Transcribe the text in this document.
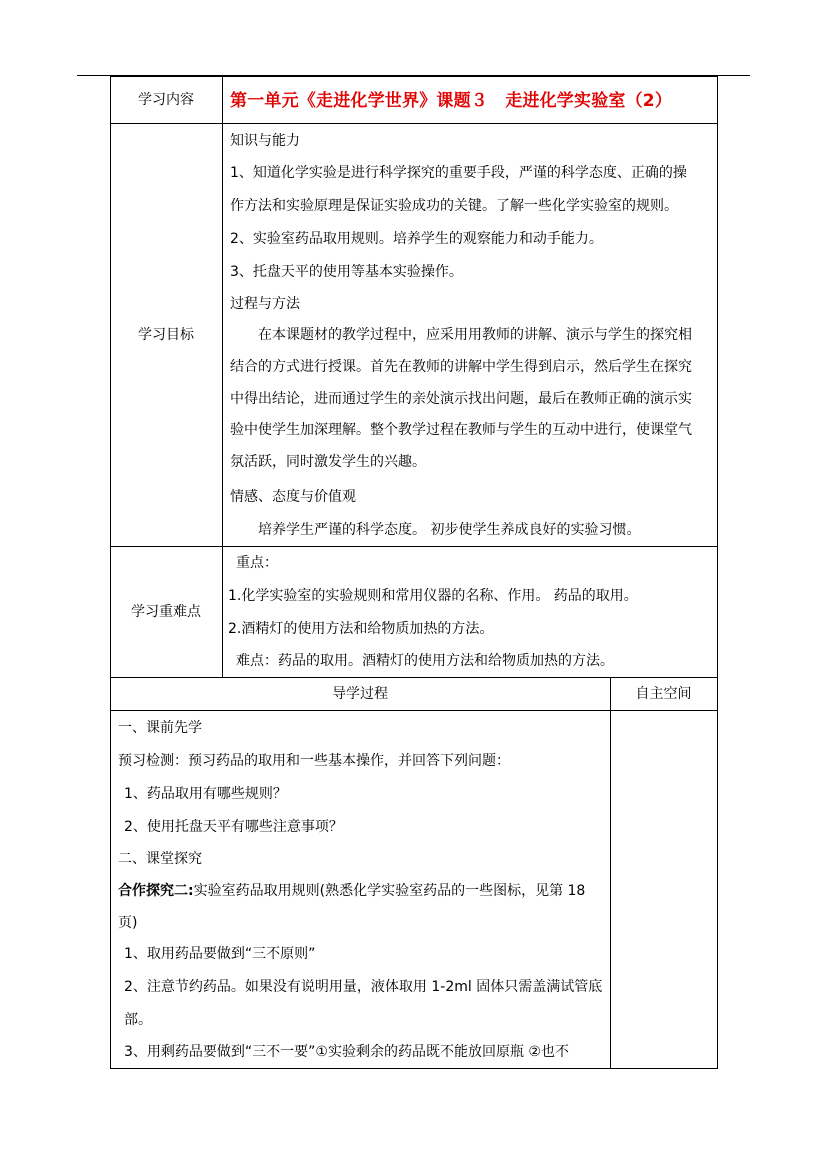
学习内容	第一单元《走进化学世界》课题３　走进化学实验室（2）
学习目标
知识与能力
1、知道化学实验是进行科学探究的重要手段，严谨的科学态度、正确的操
作方法和实验原理是保证实验成功的关键。了解一些化学实验室的规则。
2、实验室药品取用规则。培养学生的观察能力和动手能力。
3、托盘天平的使用等基本实验操作。
过程与方法
在本课题材的教学过程中，应采用用教师的讲解、演示与学生的探究相
结合的方式进行授课。首先在教师的讲解中学生得到启示，然后学生在探究
中得出结论，进而通过学生的亲处演示找出问题，最后在教师正确的演示实
验中使学生加深理解。整个教学过程在教师与学生的互动中进行，使课堂气
氛活跃，同时激发学生的兴趣。
情感、态度与价值观
培养学生严谨的科学态度。 初步使学生养成良好的实验习惯。
学习重难点
重点：
1.化学实验室的实验规则和常用仪器的名称、作用。 药品的取用。
2.酒精灯的使用方法和给物质加热的方法。
难点：药品的取用。酒精灯的使用方法和给物质加热的方法。
导学过程	自主空间
一、课前先学
预习检测：预习药品的取用和一些基本操作，并回答下列问题：
1、药品取用有哪些规则？
2、使用托盘天平有哪些注意事项？
二、课堂探究
合作探究二:实验室药品取用规则(熟悉化学实验室药品的一些图标，见第 18
页)
1、取用药品要做到“三不原则”
2、注意节约药品。如果没有说明用量，液体取用 1-2ml 固体只需盖满试管底
部。
3、用剩药品要做到“三不一要”①实验剩余的药品既不能放回原瓶 ②也不
